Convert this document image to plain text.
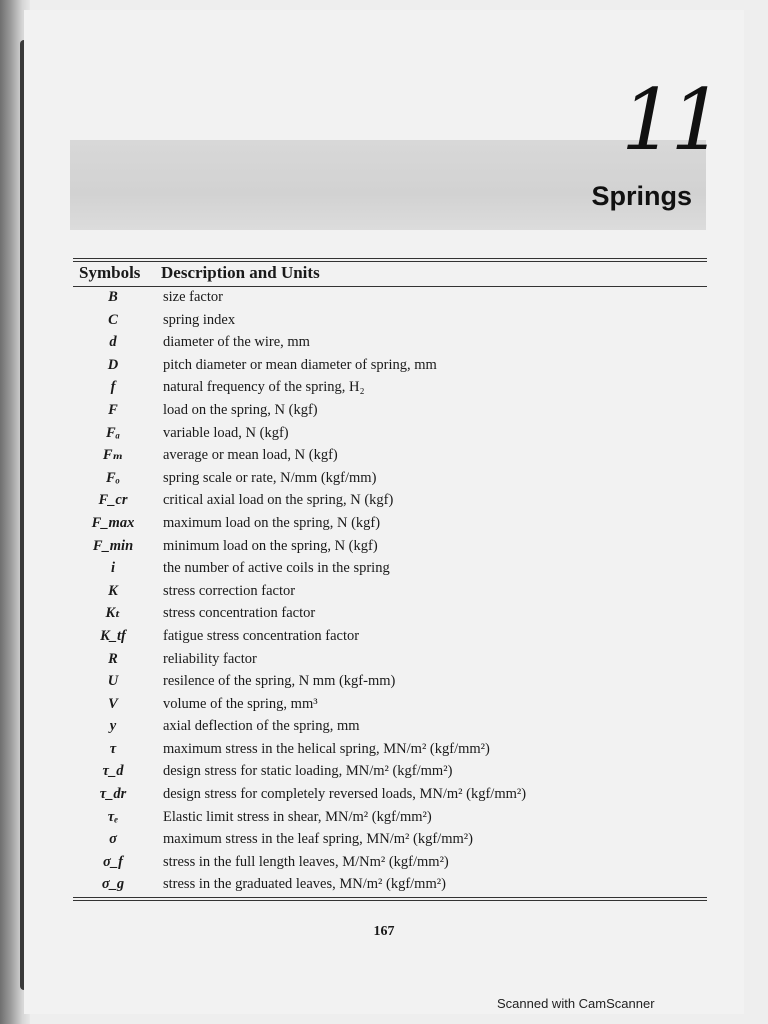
11
Springs
Symbols Description and Units
B	size factor
C	spring index
d	diameter of the wire, mm
D	pitch diameter or mean diameter of spring, mm
f	natural frequency of the spring, H₂
F	load on the spring, N (kgf)
Fₐ	variable load, N (kgf)
Fₘ	average or mean load, N (kgf)
Fₒ	spring scale or rate, N/mm (kgf/mm)
F_cr	critical axial load on the spring, N (kgf)
F_max	maximum load on the spring, N (kgf)
F_min	minimum load on the spring, N (kgf)
i	the number of active coils in the spring
K	stress correction factor
Kₜ	stress concentration factor
K_tf	fatigue stress concentration factor
R	reliability factor
U	resilence of the spring, N mm (kgf-mm)
V	volume of the spring, mm³
y	axial deflection of the spring, mm
τ	maximum stress in the helical spring, MN/m² (kgf/mm²)
τ_d	design stress for static loading, MN/m² (kgf/mm²)
τ_dr	design stress for completely reversed loads, MN/m² (kgf/mm²)
τₑ	Elastic limit stress in shear, MN/m² (kgf/mm²)
σ	maximum stress in the leaf spring, MN/m² (kgf/mm²)
σ_f	stress in the full length leaves, M/Nm² (kgf/mm²)
σ_g	stress in the graduated leaves, MN/m² (kgf/mm²)
167
Scanned with CamScanner
